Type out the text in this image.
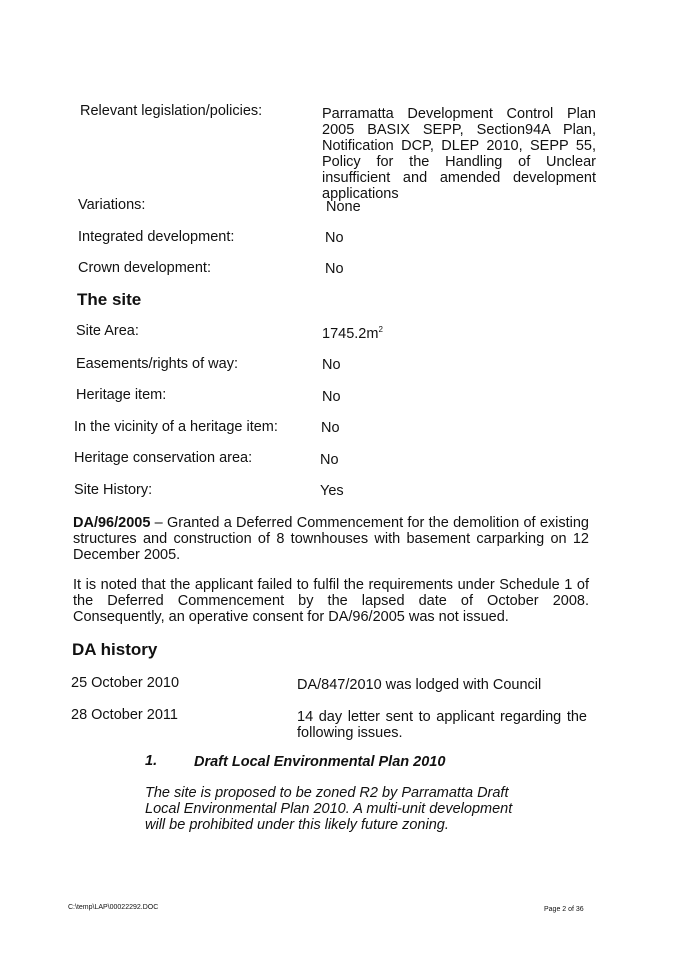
Relevant legislation/policies:	Parramatta Development Control Plan 2005 BASIX SEPP, Section94A Plan, Notification DCP, DLEP 2010, SEPP 55, Policy for the Handling of Unclear insufficient and amended development applications
Variations:	None
Integrated development:	No
Crown development:	No
The site
Site Area:	$1745.2m^2$
Easements/rights of way:	No
Heritage item:	No
In the vicinity of a heritage item:	No
Heritage conservation area:	No
Site History:	Yes
DA/96/2005 – Granted a Deferred Commencement for the demolition of existing structures and construction of 8 townhouses with basement carparking on 12 December 2005.
It is noted that the applicant failed to fulfil the requirements under Schedule 1 of the Deferred Commencement by the lapsed date of October 2008. Consequently, an operative consent for DA/96/2005 was not issued.
DA history
25 October 2010	DA/847/2010 was lodged with Council
28 October 2011	14 day letter sent to applicant regarding the following issues.
1.	Draft Local Environmental Plan 2010
The site is proposed to be zoned R2 by Parramatta Draft Local Environmental Plan 2010. A multi-unit development will be prohibited under this likely future zoning.
C:\temp\LAP\00022292.DOC	Page 2 of 36
